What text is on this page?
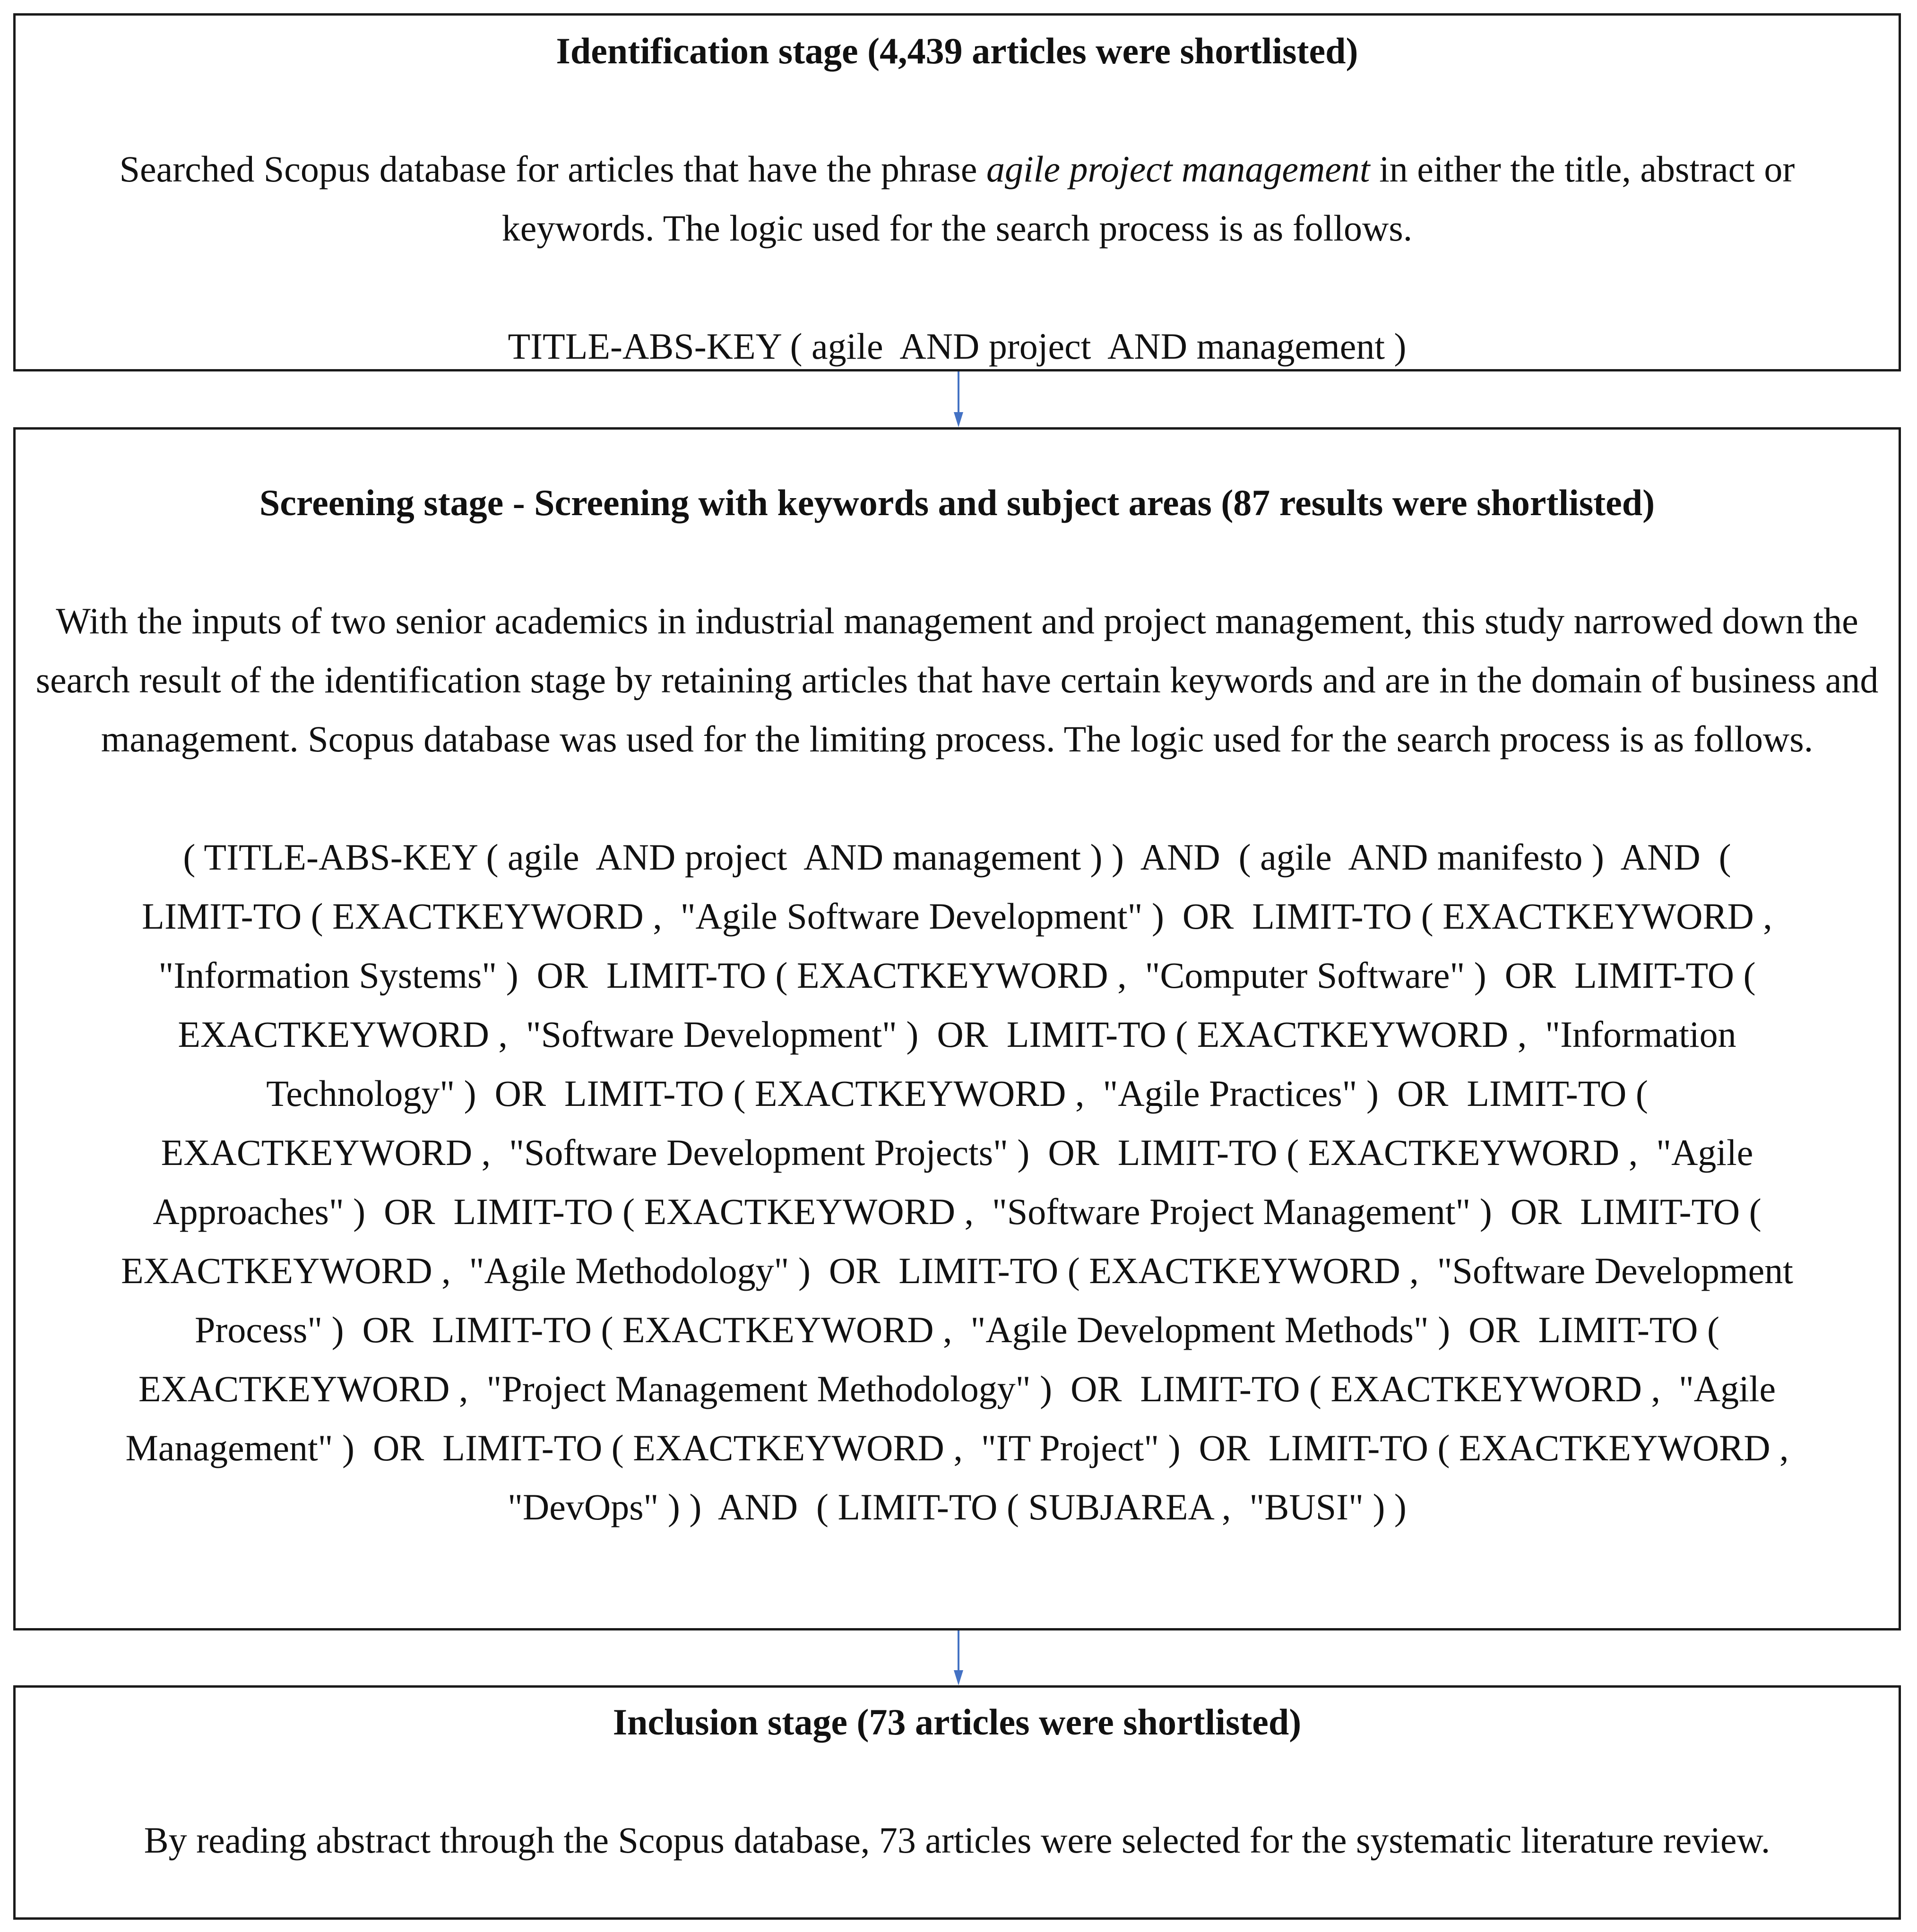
Identification stage (4,439 articles were shortlisted)

Searched Scopus database for articles that have the phrase agile project management in either the title, abstract or keywords. The logic used for the search process is as follows.

TITLE-ABS-KEY ( agile  AND project  AND management )

Screening stage - Screening with keywords and subject areas (87 results were shortlisted)

With the inputs of two senior academics in industrial management and project management, this study narrowed down the search result of the identification stage by retaining articles that have certain keywords and are in the domain of business and management. Scopus database was used for the limiting process. The logic used for the search process is as follows.

( TITLE-ABS-KEY ( agile  AND project  AND management ) )  AND  ( agile  AND manifesto )  AND  (

LIMIT-TO ( EXACTKEYWORD ,  "Agile Software Development" )  OR  LIMIT-TO ( EXACTKEYWORD ,

"Information Systems" )  OR  LIMIT-TO ( EXACTKEYWORD ,  "Computer Software" )  OR  LIMIT-TO (

EXACTKEYWORD ,  "Software Development" )  OR  LIMIT-TO ( EXACTKEYWORD ,  "Information

Technology" )  OR  LIMIT-TO ( EXACTKEYWORD ,  "Agile Practices" )  OR  LIMIT-TO (

EXACTKEYWORD ,  "Software Development Projects" )  OR  LIMIT-TO ( EXACTKEYWORD ,  "Agile

Approaches" )  OR  LIMIT-TO ( EXACTKEYWORD ,  "Software Project Management" )  OR  LIMIT-TO (

EXACTKEYWORD ,  "Agile Methodology" )  OR  LIMIT-TO ( EXACTKEYWORD ,  "Software Development

Process" )  OR  LIMIT-TO ( EXACTKEYWORD ,  "Agile Development Methods" )  OR  LIMIT-TO (

EXACTKEYWORD ,  "Project Management Methodology" )  OR  LIMIT-TO ( EXACTKEYWORD ,  "Agile

Management" )  OR  LIMIT-TO ( EXACTKEYWORD ,  "IT Project" )  OR  LIMIT-TO ( EXACTKEYWORD ,

"DevOps" ) )  AND  ( LIMIT-TO ( SUBJAREA ,  "BUSI" ) )

Inclusion stage (73 articles were shortlisted)

By reading abstract through the Scopus database, 73 articles were selected for the systematic literature review.
